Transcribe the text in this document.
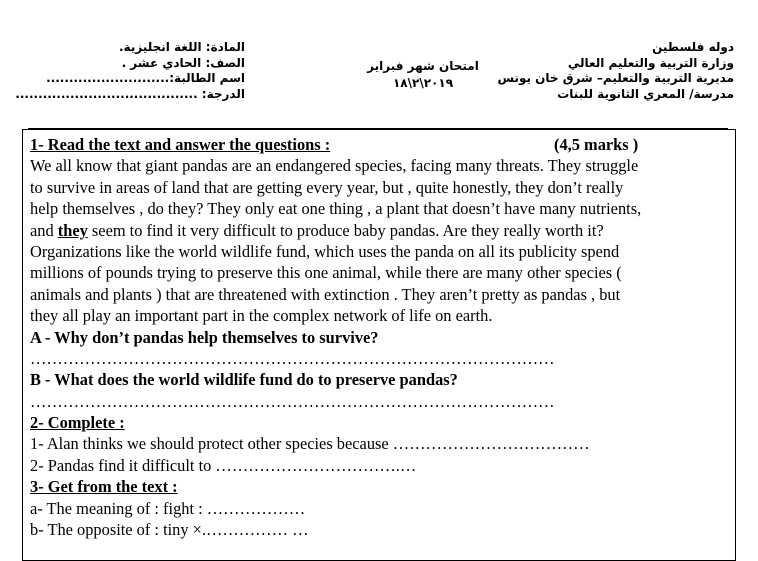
دوله فلسطين
وزارة التربية والتعليم العالي
مديرية التربية والتعليم– شرق خان يونس
مدرسة/ المعري الثانوية للبنات
امتحان شهر فبراير
٢٠١٩\٢\١٨
المادة: اللغة انجليزية.
الصف: الحادي عشر .
اسم الطالبة:...........................
الدرجة: ........................................
1- Read the text and answer the questions :	(4,5 marks )
We all know that giant pandas are an endangered species, facing many threats. They struggle
to survive in areas of land that are getting every year, but , quite honestly, they don’t really
help themselves , do they? They only eat one thing , a plant that doesn’t have many nutrients,
and they seem to find it very difficult to produce baby pandas. Are they really worth it?
Organizations like the world wildlife fund, which uses the panda on all its publicity spend
millions of pounds trying to preserve this one animal, while there are many other species (
animals and plants ) that are threatened with extinction . They aren’t pretty as pandas , but
they all play an important part in the complex network of life on earth.
A - Why don’t pandas help themselves to survive?
……………………………………………………………………………………
B - What does the world wildlife fund do to preserve pandas?
……………………………………………………………………………………
2- Complete :
1- Alan thinks we should protect other species because ………………………………
2- Pandas find it difficult to …………………………….…
3- Get from the text :
a- The meaning of : fight : ………………
b- The opposite of : tiny ×.…………… …
